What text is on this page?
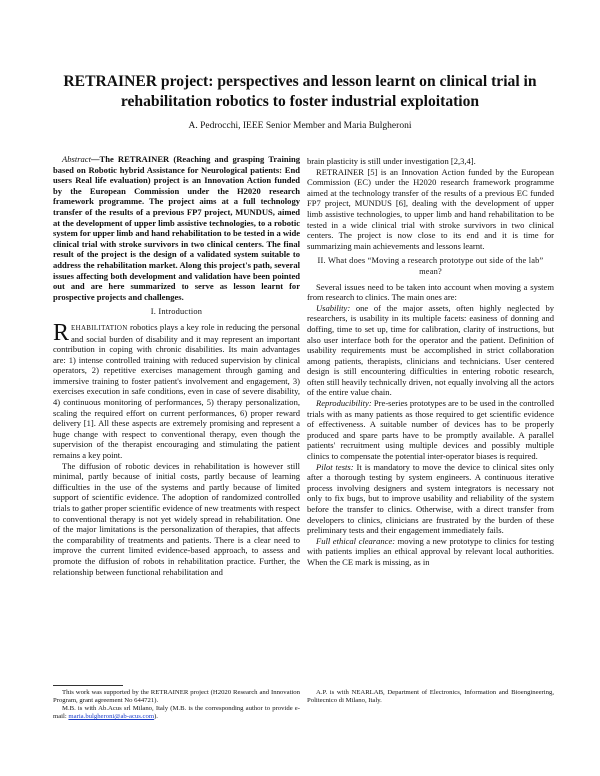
RETRAINER project: perspectives and lesson learnt on clinical trial in rehabilitation robotics to foster industrial exploitation

A. Pedrocchi, IEEE Senior Member and Maria Bulgheroni

Abstract—The RETRAINER (Reaching and grasping Training based on Robotic hybrid Assistance for Neurological patients: End users Real life evaluation) project is an Innovation Action funded by the European Commission under the H2020 research framework programme. The project aims at a full technology transfer of the results of a previous FP7 project, MUNDUS, aimed at the development of upper limb assistive technologies, to a robotic system for upper limb and hand rehabilitation to be tested in a wide clinical trial with stroke survivors in two clinical centers. The final result of the project is the design of a validated system suitable to address the rehabilitation market. Along this project's path, several issues affecting both development and validation have been pointed out and are here summarized to serve as lesson learnt for prospective projects and challenges.

I. Introduction

REHABILITATION robotics plays a key role in reducing the personal and social burden of disability and it may represent an important contribution in coping with chronic disabilities. Its main advantages are: 1) intense controlled training with reduced supervision by clinical operators, 2) repetitive exercises management through gaming and immersive training to foster patient's involvement and engagement, 3) exercises execution in safe conditions, even in case of severe disability, 4) continuous monitoring of performances, 5) therapy personalization, scaling the required effort on current performances, 6) proper reward delivery [1]. All these aspects are extremely promising and represent a huge change with respect to conventional therapy, even though the supervision of the therapist encouraging and stimulating the patient remains a key point.

The diffusion of robotic devices in rehabilitation is however still minimal, partly because of initial costs, partly because of learning difficulties in the use of the systems and partly because of limited support of scientific evidence. The adoption of randomized controlled trials to gather proper scientific evidence of new treatments with respect to conventional therapy is not yet widely spread in rehabilitation. One of the major limitations is the personalization of therapies, that affects the comparability of treatments and patients. There is a clear need to improve the current limited evidence-based approach, to assess and promote the diffusion of robots in rehabilitation practice. Further, the relationship between functional rehabilitation and

brain plasticity is still under investigation [2,3,4].

RETRAINER [5] is an Innovation Action funded by the European Commission (EC) under the H2020 research framework programme aimed at the technology transfer of the results of a previous EC funded FP7 project, MUNDUS [6], dealing with the development of upper limb assistive technologies, to upper limb and hand rehabilitation to be tested in a wide clinical trial with stroke survivors in two clinical centers. The project is now close to its end and it is time for summarizing main achievements and lessons learnt.

II. What does “Moving a research prototype out side of the lab” mean?

Several issues need to be taken into account when moving a system from research to clinics. The main ones are:

Usability: one of the major assets, often highly neglected by researchers, is usability in its multiple facets: easiness of donning and doffing, time to set up, time for calibration, clarity of instructions, but also user interface both for the operator and the patient. Definition of usability requirements must be accomplished in strict collaboration among patients, therapists, clinicians and technicians. User centered design is still encountering difficulties in entering robotic research, often still heavily technically driven, not equally involving all the actors of the entire value chain.

Reproducibility: Pre-series prototypes are to be used in the controlled trials with as many patients as those required to get scientific evidence of effectiveness. A suitable number of devices has to be properly produced and spare parts have to be promptly available. A parallel patients' recruitment using multiple devices and possibly multiple clinics to compensate the potential inter-operator biases is required.

Pilot tests: It is mandatory to move the device to clinical sites only after a thorough testing by system engineers. A continuous iterative process involving designers and system integrators is necessary not only to fix bugs, but to improve usability and reliability of the system before the transfer to clinics. Otherwise, with a direct transfer from developers to clinics, clinicians are frustrated by the burden of these preliminary tests and their engagement immediately fails.

Full ethical clearance: moving a new prototype to clinics for testing with patients implies an ethical approval by relevant local authorities. When the CE mark is missing, as in

This work was supported by the RETRAINER project (H2020 Research and Innovation Program, grant agreement No 644721).

M.B. is with Ab.Acus srl Milano, Italy (M.B. is the corresponding author to provide e-mail: maria.bulgheroni@ab-acus.com).

A.P. is with NEARLAB, Department of Electronics, Information and Bioengineering, Politecnico di Milano, Italy.
